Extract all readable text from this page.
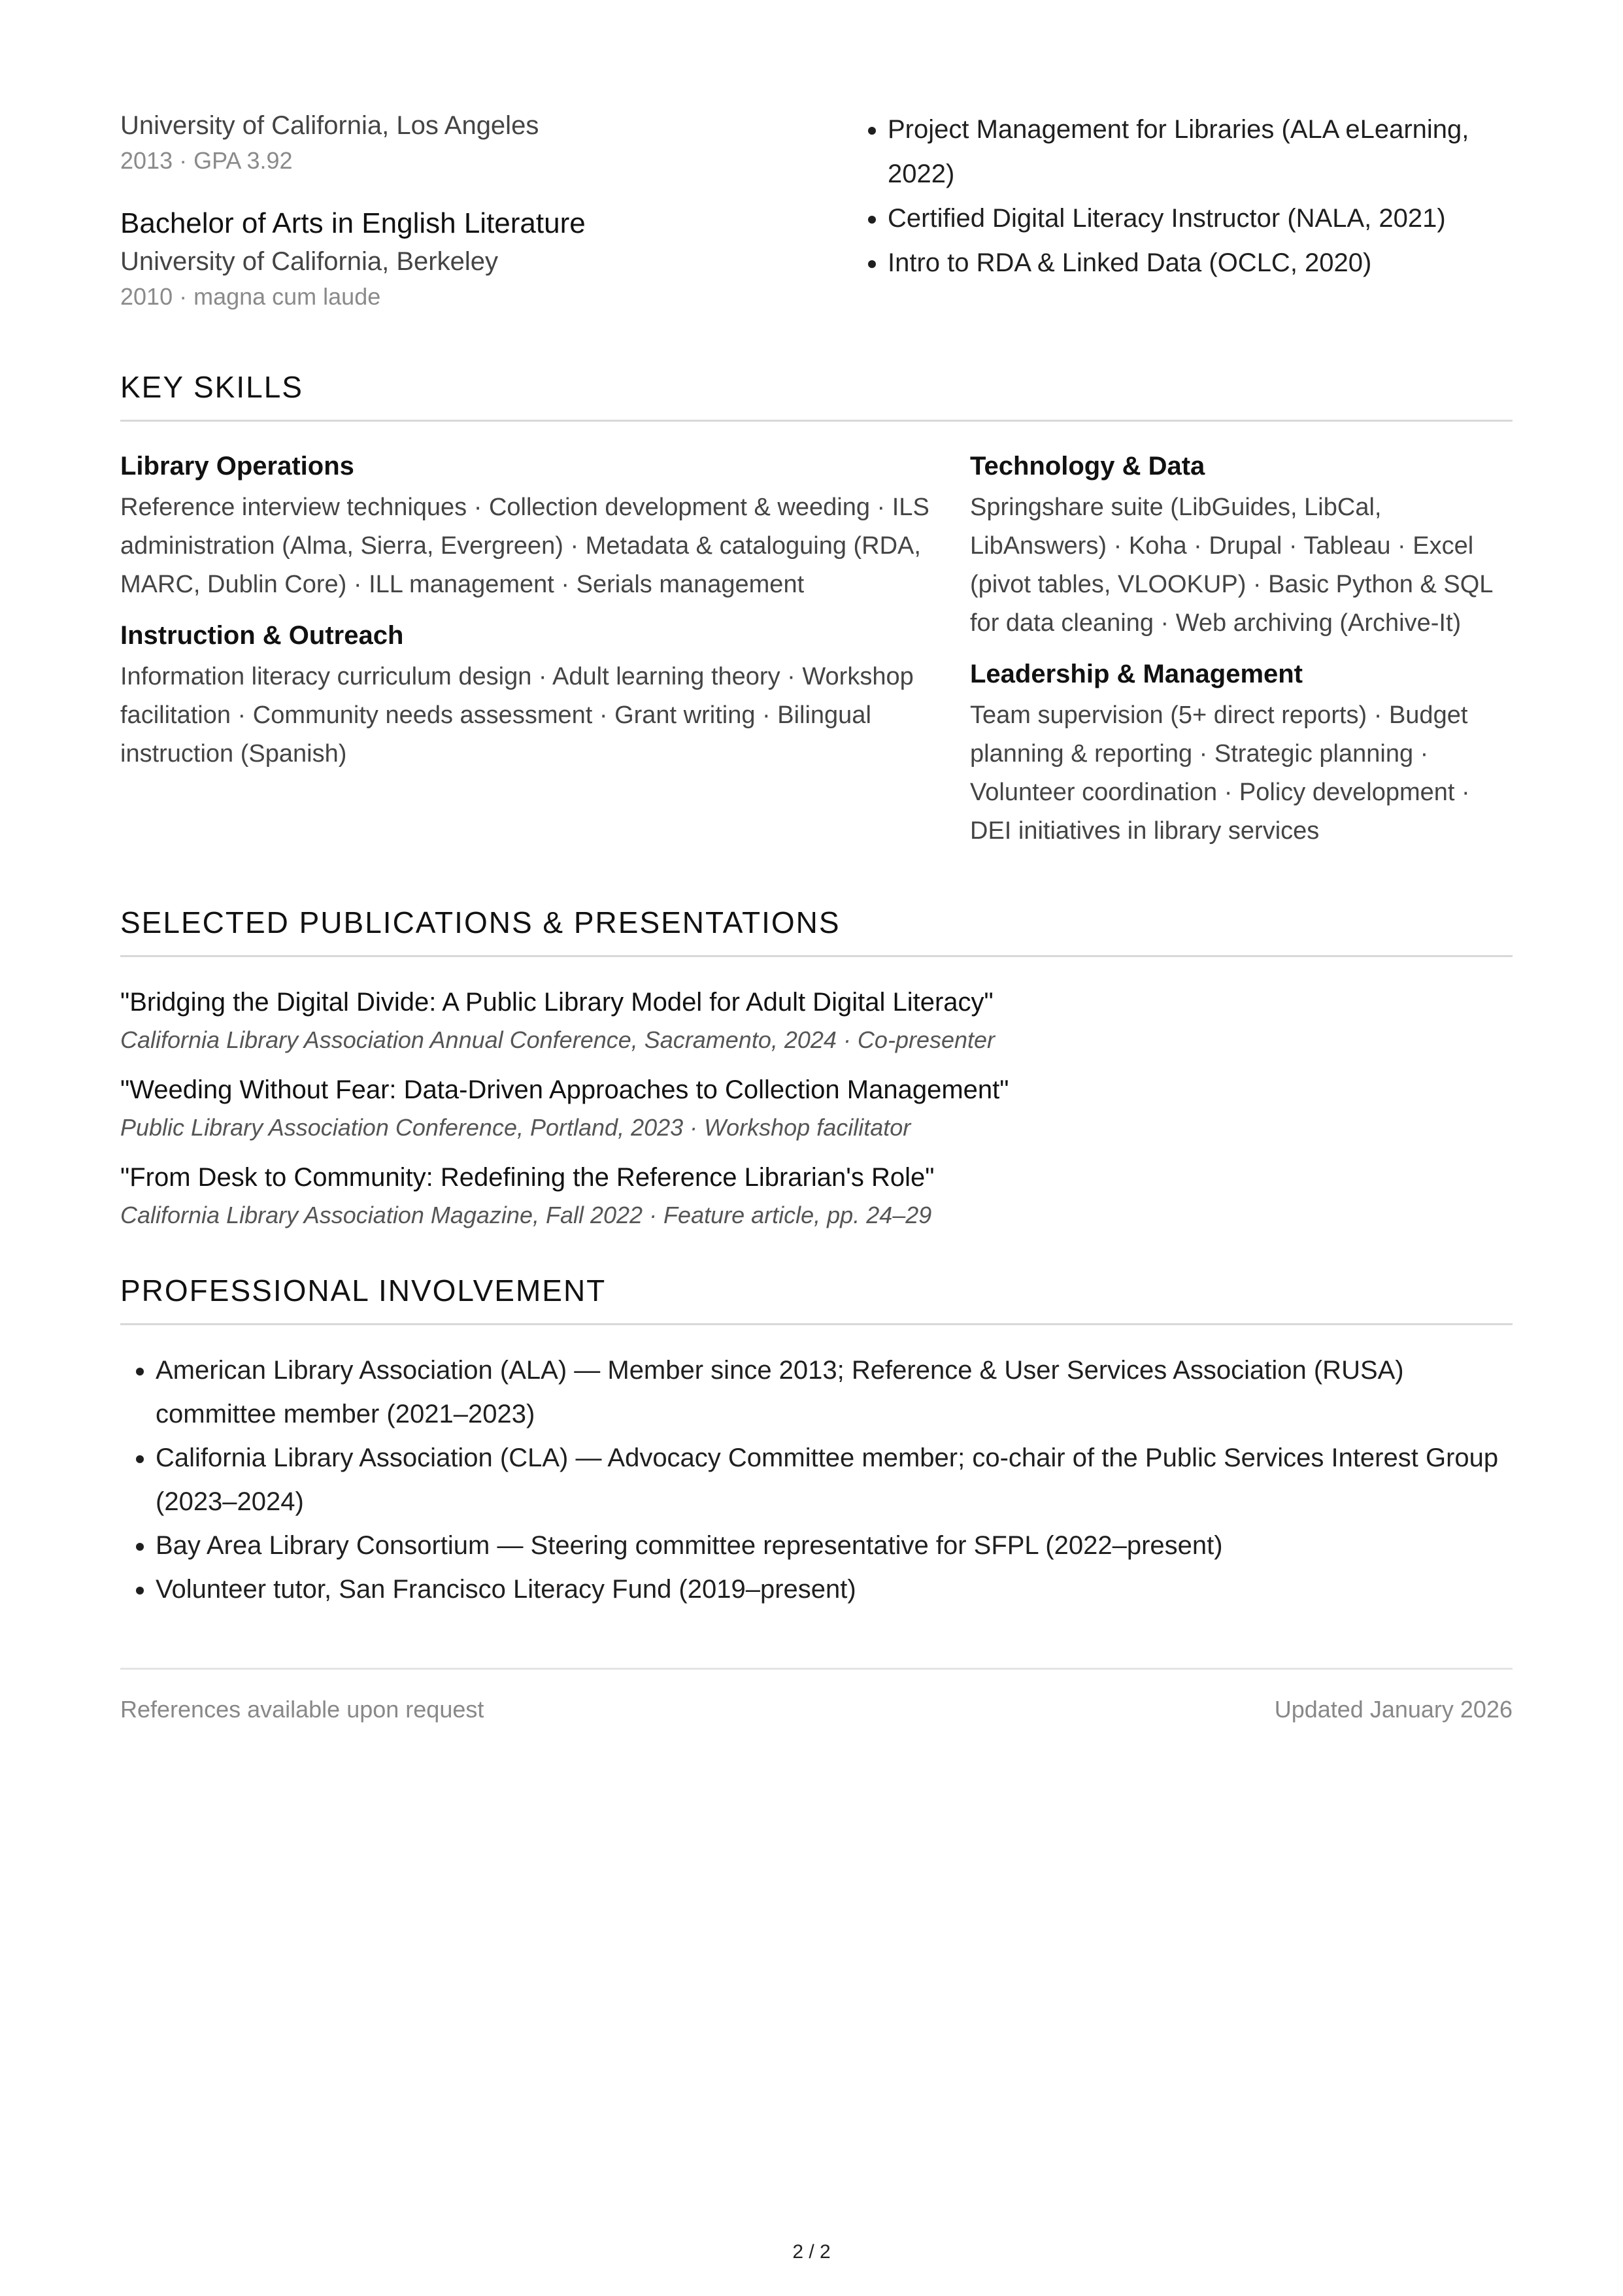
University of California, Los Angeles
2013 · GPA 3.92
Bachelor of Arts in English Literature
University of California, Berkeley
2010 · magna cum laude
• Project Management for Libraries (ALA eLearning, 2022)
• Certified Digital Literacy Instructor (NALA, 2021)
• Intro to RDA & Linked Data (OCLC, 2020)
KEY SKILLS
Library Operations
Reference interview techniques · Collection development & weeding · ILS administration (Alma, Sierra, Evergreen) · Metadata & cataloguing (RDA, MARC, Dublin Core) · ILL management · Serials management
Instruction & Outreach
Information literacy curriculum design · Adult learning theory · Workshop facilitation · Community needs assessment · Grant writing · Bilingual instruction (Spanish)
Technology & Data
Springshare suite (LibGuides, LibCal, LibAnswers) · Koha · Drupal · Tableau · Excel (pivot tables, VLOOKUP) · Basic Python & SQL for data cleaning · Web archiving (Archive-It)
Leadership & Management
Team supervision (5+ direct reports) · Budget planning & reporting · Strategic planning · Volunteer coordination · Policy development · DEI initiatives in library services
SELECTED PUBLICATIONS & PRESENTATIONS
"Bridging the Digital Divide: A Public Library Model for Adult Digital Literacy"
California Library Association Annual Conference, Sacramento, 2024 · Co-presenter
"Weeding Without Fear: Data-Driven Approaches to Collection Management"
Public Library Association Conference, Portland, 2023 · Workshop facilitator
"From Desk to Community: Redefining the Reference Librarian's Role"
California Library Association Magazine, Fall 2022 · Feature article, pp. 24–29
PROFESSIONAL INVOLVEMENT
• American Library Association (ALA) — Member since 2013; Reference & User Services Association (RUSA) committee member (2021–2023)
• California Library Association (CLA) — Advocacy Committee member; co-chair of the Public Services Interest Group (2023–2024)
• Bay Area Library Consortium — Steering committee representative for SFPL (2022–present)
• Volunteer tutor, San Francisco Literacy Fund (2019–present)
References available upon request	Updated January 2026
2 / 2
